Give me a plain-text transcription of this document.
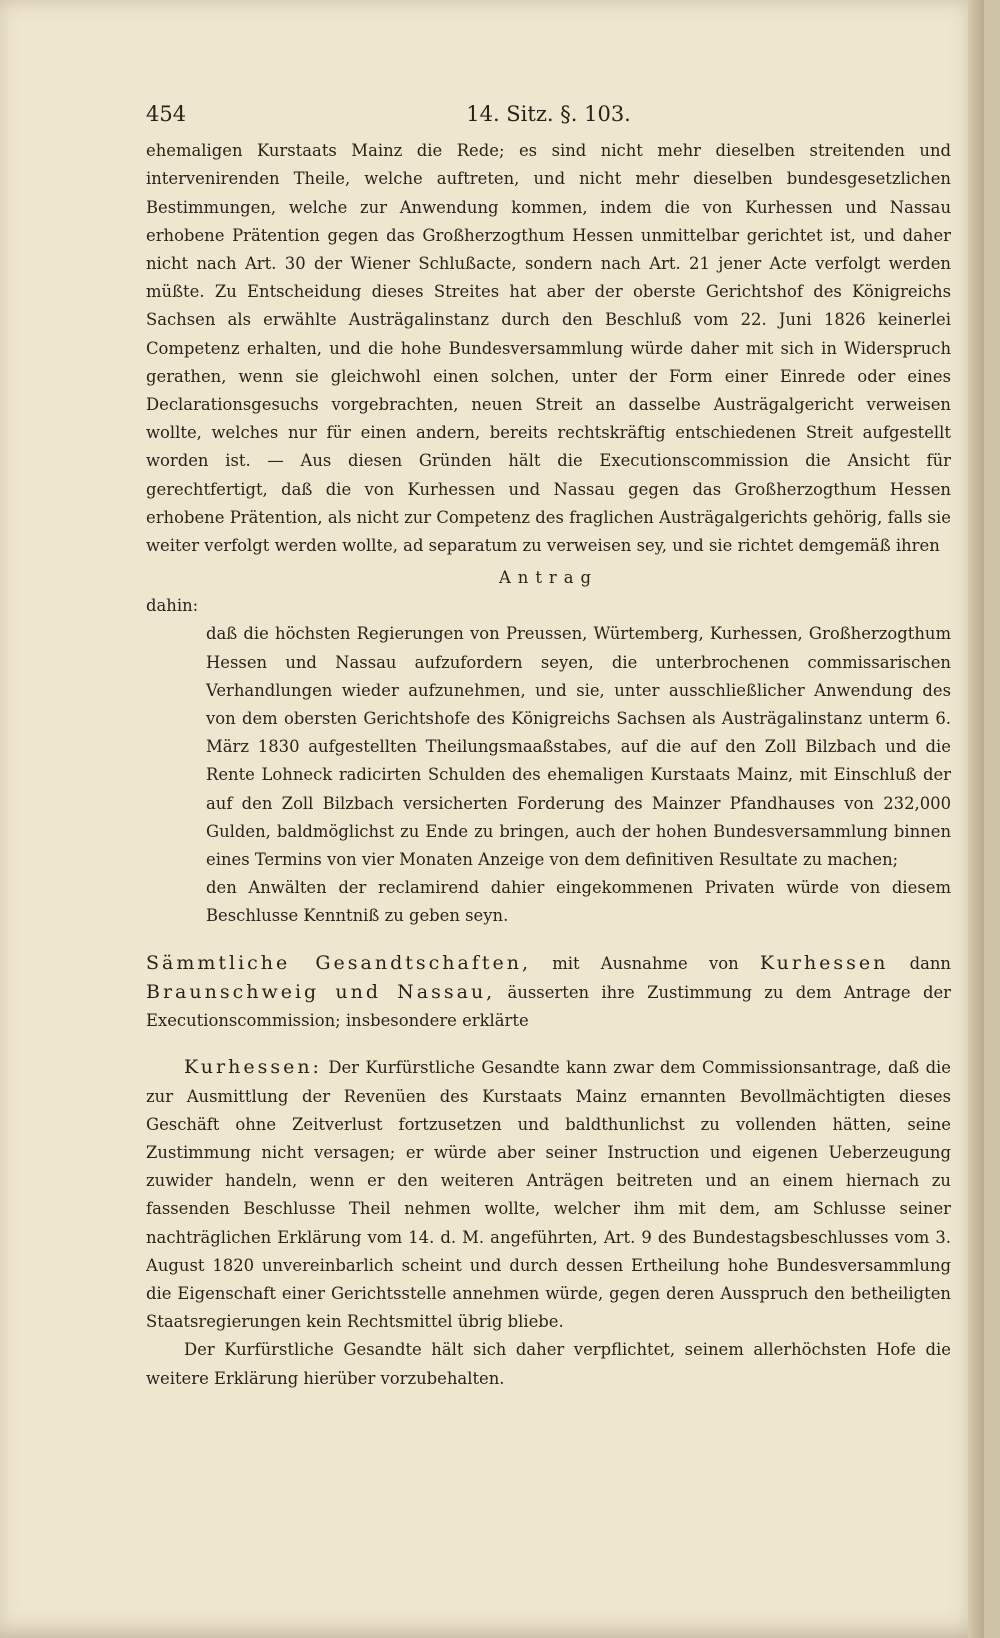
454	14. Sitz. §. 103.

ehemaligen Kurstaats Mainz die Rede; es sind nicht mehr dieselben streitenden und intervenirenden Theile, welche auftreten, und nicht mehr dieselben bundesgesetzlichen Bestimmungen, welche zur Anwendung kommen, indem die von Kurhessen und Nassau erhobene Prätention gegen das Großherzogthum Hessen unmittelbar gerichtet ist, und daher nicht nach Art. 30 der Wiener Schlußacte, sondern nach Art. 21 jener Acte verfolgt werden müßte. Zu Entscheidung dieses Streites hat aber der oberste Gerichtshof des Königreichs Sachsen als erwählte Austrägalinstanz durch den Beschluß vom 22. Juni 1826 keinerlei Competenz erhalten, und die hohe Bundesversammlung würde daher mit sich in Widerspruch gerathen, wenn sie gleichwohl einen solchen, unter der Form einer Einrede oder eines Declarationsgesuchs vorgebrachten, neuen Streit an dasselbe Austrägalgericht verweisen wollte, welches nur für einen andern, bereits rechtskräftig entschiedenen Streit aufgestellt worden ist. — Aus diesen Gründen hält die Executionscommission die Ansicht für gerechtfertigt, daß die von Kurhessen und Nassau gegen das Großherzogthum Hessen erhobene Prätention, als nicht zur Competenz des fraglichen Austrägalgerichts gehörig, falls sie weiter verfolgt werden wollte, ad separatum zu verweisen sey, und sie richtet demgemäß ihren

Antrag

dahin:

daß die höchsten Regierungen von Preussen, Würtemberg, Kurhessen, Großherzogthum Hessen und Nassau aufzufordern seyen, die unterbrochenen commissarischen Verhandlungen wieder aufzunehmen, und sie, unter ausschließlicher Anwendung des von dem obersten Gerichtshofe des Königreichs Sachsen als Austrägalinstanz unterm 6. März 1830 aufgestellten Theilungsmaaßstabes, auf die auf den Zoll Bilzbach und die Rente Lohneck radicirten Schulden des ehemaligen Kurstaats Mainz, mit Einschluß der auf den Zoll Bilzbach versicherten Forderung des Mainzer Pfandhauses von 232,000 Gulden, baldmöglichst zu Ende zu bringen, auch der hohen Bundesversammlung binnen eines Termins von vier Monaten Anzeige von dem definitiven Resultate zu machen;

den Anwälten der reclamirend dahier eingekommenen Privaten würde von diesem Beschlusse Kenntniß zu geben seyn.

Sämmtliche Gesandtschaften, mit Ausnahme von Kurhessen dann Braunschweig und Nassau, äusserten ihre Zustimmung zu dem Antrage der Executionscommission; insbesondere erklärte

Kurhessen: Der Kurfürstliche Gesandte kann zwar dem Commissionsantrage, daß die zur Ausmittlung der Revenüen des Kurstaats Mainz ernannten Bevollmächtigten dieses Geschäft ohne Zeitverlust fortzusetzen und baldthunlichst zu vollenden hätten, seine Zustimmung nicht versagen; er würde aber seiner Instruction und eigenen Ueberzeugung zuwider handeln, wenn er den weiteren Anträgen beitreten und an einem hiernach zu fassenden Beschlusse Theil nehmen wollte, welcher ihm mit dem, am Schlusse seiner nachträglichen Erklärung vom 14. d. M. angeführten, Art. 9 des Bundestagsbeschlusses vom 3. August 1820 unvereinbarlich scheint und durch dessen Ertheilung hohe Bundesversammlung die Eigenschaft einer Gerichtsstelle annehmen würde, gegen deren Ausspruch den betheiligten Staatsregierungen kein Rechtsmittel übrig bliebe.

Der Kurfürstliche Gesandte hält sich daher verpflichtet, seinem allerhöchsten Hofe die weitere Erklärung hierüber vorzubehalten.
